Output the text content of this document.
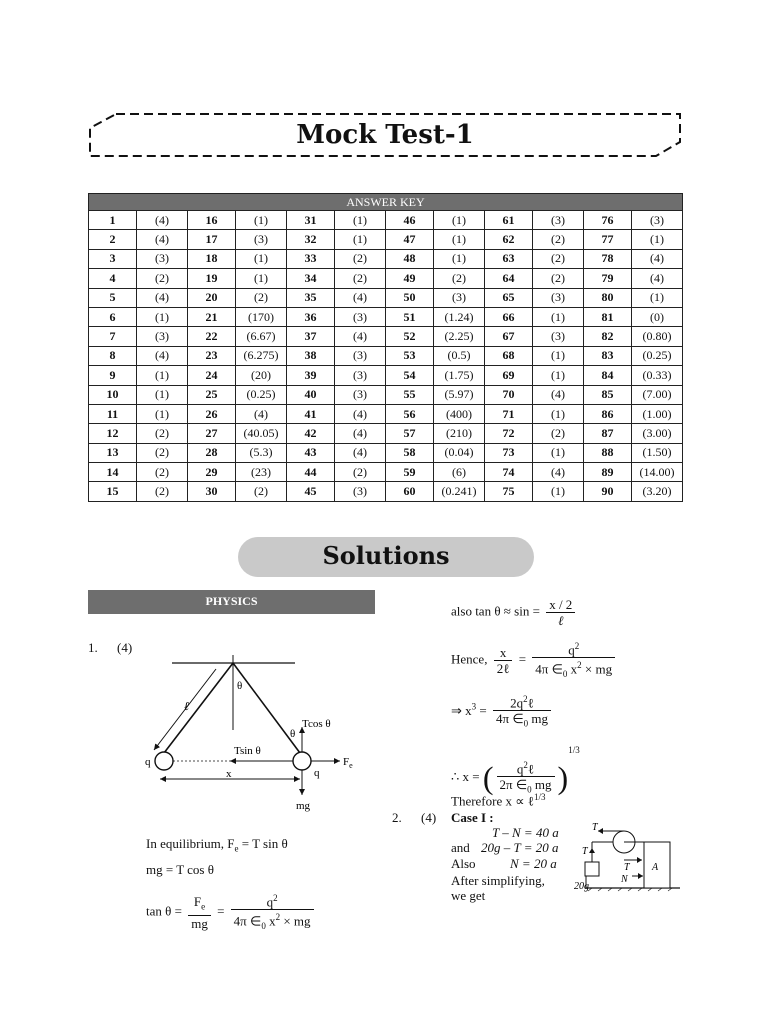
Mock Test-1
ANSWER KEY											
1	(4)	16	(1)	31	(1)	46	(1)	61	(3)	76	(3)
2	(4)	17	(3)	32	(1)	47	(1)	62	(2)	77	(1)
3	(3)	18	(1)	33	(2)	48	(1)	63	(2)	78	(4)
4	(2)	19	(1)	34	(2)	49	(2)	64	(2)	79	(4)
5	(4)	20	(2)	35	(4)	50	(3)	65	(3)	80	(1)
6	(1)	21	(170)	36	(3)	51	(1.24)	66	(1)	81	(0)
7	(3)	22	(6.67)	37	(4)	52	(2.25)	67	(3)	82	(0.80)
8	(4)	23	(6.275)	38	(3)	53	(0.5)	68	(1)	83	(0.25)
9	(1)	24	(20)	39	(3)	54	(1.75)	69	(1)	84	(0.33)
10	(1)	25	(0.25)	40	(3)	55	(5.97)	70	(4)	85	(7.00)
11	(1)	26	(4)	41	(4)	56	(400)	71	(1)	86	(1.00)
12	(2)	27	(40.05)	42	(4)	57	(210)	72	(2)	87	(3.00)
13	(2)	28	(5.3)	43	(4)	58	(0.04)	73	(1)	88	(1.50)
14	(2)	29	(23)	44	(2)	59	(6)	74	(4)	89	(14.00)
15	(2)	30	(2)	45	(3)	60	(0.241)	75	(1)	90	(3.20)
Solutions
PHYSICS
1. (4)
θ
ℓ
Tcos θ
θ
Tsin θ
$F_e$
q
q
x
mg
In equilibrium, $F_e = T$ sin θ
mg = T cos θ
$\tan \theta = \frac{F_e}{mg} = \frac{q^2}{4\pi \in_0 x^2 \times mg}$
also $\tan \theta \approx \sin = \frac{x / 2}{\text{ℓ}}$
Hence, $\frac{x}{\text{2ℓ}} = \frac{q^2}{4\pi \in_0 x^2 \times mg}$
⇒ $x^3 = \frac{2q^2\ell}{4\pi \in_0 mg}$
∴ x = ( $\frac{q^2\ell}{2\pi \in_0 mg} )^{1/3}$
Therefore x ∝ ℓ$^{1/3}$
2. (4) Case I :
T – N = 40 a
and 20g – T = 20 a
Also	N = 20 a
After simplifying,
we get
T
T
T
N
A
20g
